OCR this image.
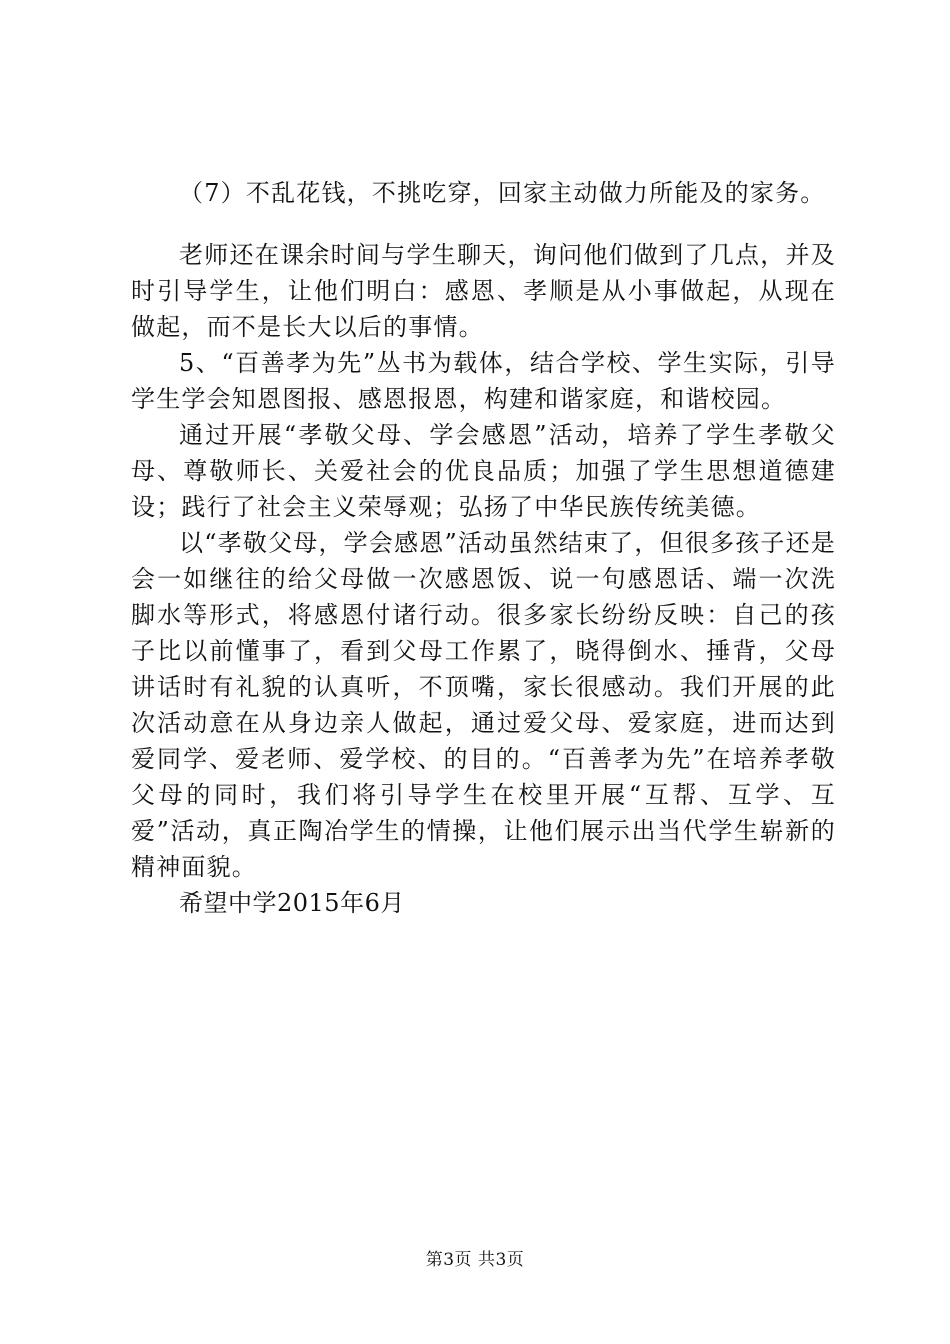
（7）不乱花钱，不挑吃穿，回家主动做力所能及的家务。

老师还在课余时间与学生聊天，询问他们做到了几点，并及时引导学生，让他们明白：感恩、孝顺是从小事做起，从现在做起，而不是长大以后的事情。

5、“百善孝为先”丛书为载体，结合学校、学生实际，引导学生学会知恩图报、感恩报恩，构建和谐家庭，和谐校园。

通过开展“孝敬父母、学会感恩”活动，培养了学生孝敬父母、尊敬师长、关爱社会的优良品质；加强了学生思想道德建设；践行了社会主义荣辱观；弘扬了中华民族传统美德。

以“孝敬父母，学会感恩”活动虽然结束了，但很多孩子还是会一如继往的给父母做一次感恩饭、说一句感恩话、端一次洗脚水等形式，将感恩付诸行动。很多家长纷纷反映：自己的孩子比以前懂事了，看到父母工作累了，晓得倒水、捶背，父母讲话时有礼貌的认真听，不顶嘴，家长很感动。我们开展的此次活动意在从身边亲人做起，通过爱父母、爱家庭，进而达到爱同学、爱老师、爱学校、的目的。“百善孝为先”在培养孝敬父母的同时，我们将引导学生在校里开展“互帮、互学、互爱”活动，真正陶冶学生的情操，让他们展示出当代学生崭新的精神面貌。

希望中学2015年6月

第3页 共3页
